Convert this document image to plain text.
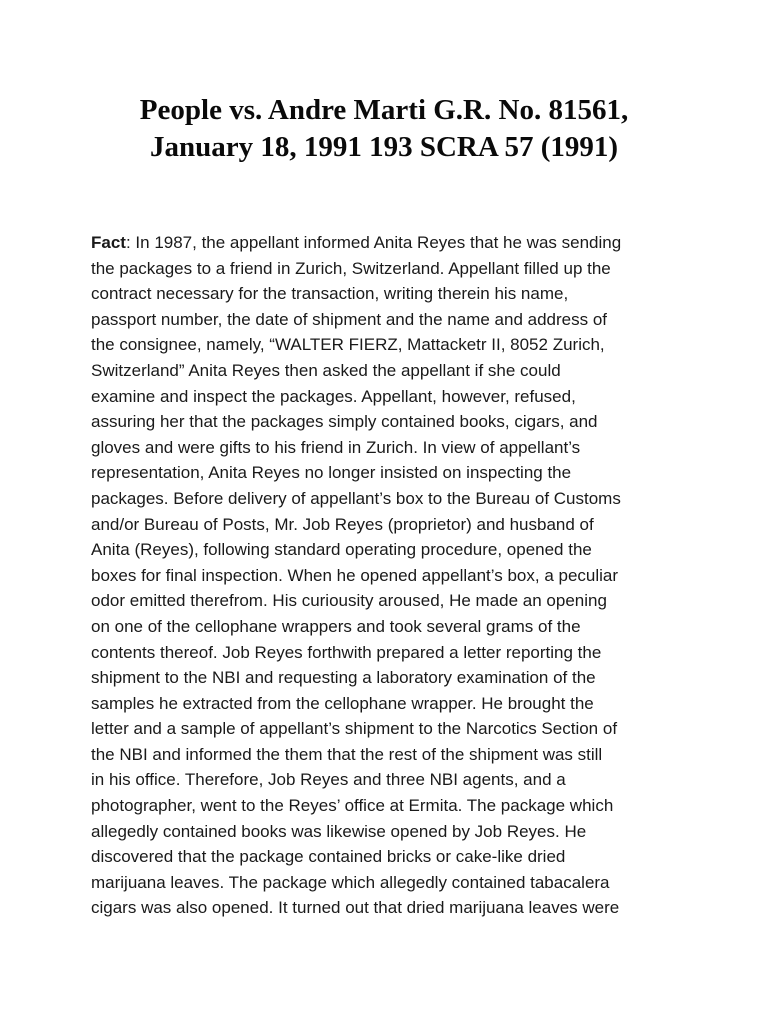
People vs. Andre Marti G.R. No. 81561,
January 18, 1991 193 SCRA 57 (1991)
Fact: In 1987, the appellant informed Anita Reyes that he was sending
the packages to a friend in Zurich, Switzerland. Appellant filled up the
contract necessary for the transaction, writing therein his name,
passport number, the date of shipment and the name and address of
the consignee, namely, “WALTER FIERZ, Mattacketr II, 8052 Zurich,
Switzerland” Anita Reyes then asked the appellant if she could
examine and inspect the packages. Appellant, however, refused,
assuring her that the packages simply contained books, cigars, and
gloves and were gifts to his friend in Zurich. In view of appellant’s
representation, Anita Reyes no longer insisted on inspecting the
packages. Before delivery of appellant’s box to the Bureau of Customs
and/or Bureau of Posts, Mr. Job Reyes (proprietor) and husband of
Anita (Reyes), following standard operating procedure, opened the
boxes for final inspection. When he opened appellant’s box, a peculiar
odor emitted therefrom. His curiousity aroused, He made an opening
on one of the cellophane wrappers and took several grams of the
contents thereof. Job Reyes forthwith prepared a letter reporting the
shipment to the NBI and requesting a laboratory examination of the
samples he extracted from the cellophane wrapper. He brought the
letter and a sample of appellant’s shipment to the Narcotics Section of
the NBI and informed the them that the rest of the shipment was still
in his office. Therefore, Job Reyes and three NBI agents, and a
photographer, went to the Reyes’ office at Ermita. The package which
allegedly contained books was likewise opened by Job Reyes. He
discovered that the package contained bricks or cake-like dried
marijuana leaves. The package which allegedly contained tabacalera
cigars was also opened. It turned out that dried marijuana leaves were
